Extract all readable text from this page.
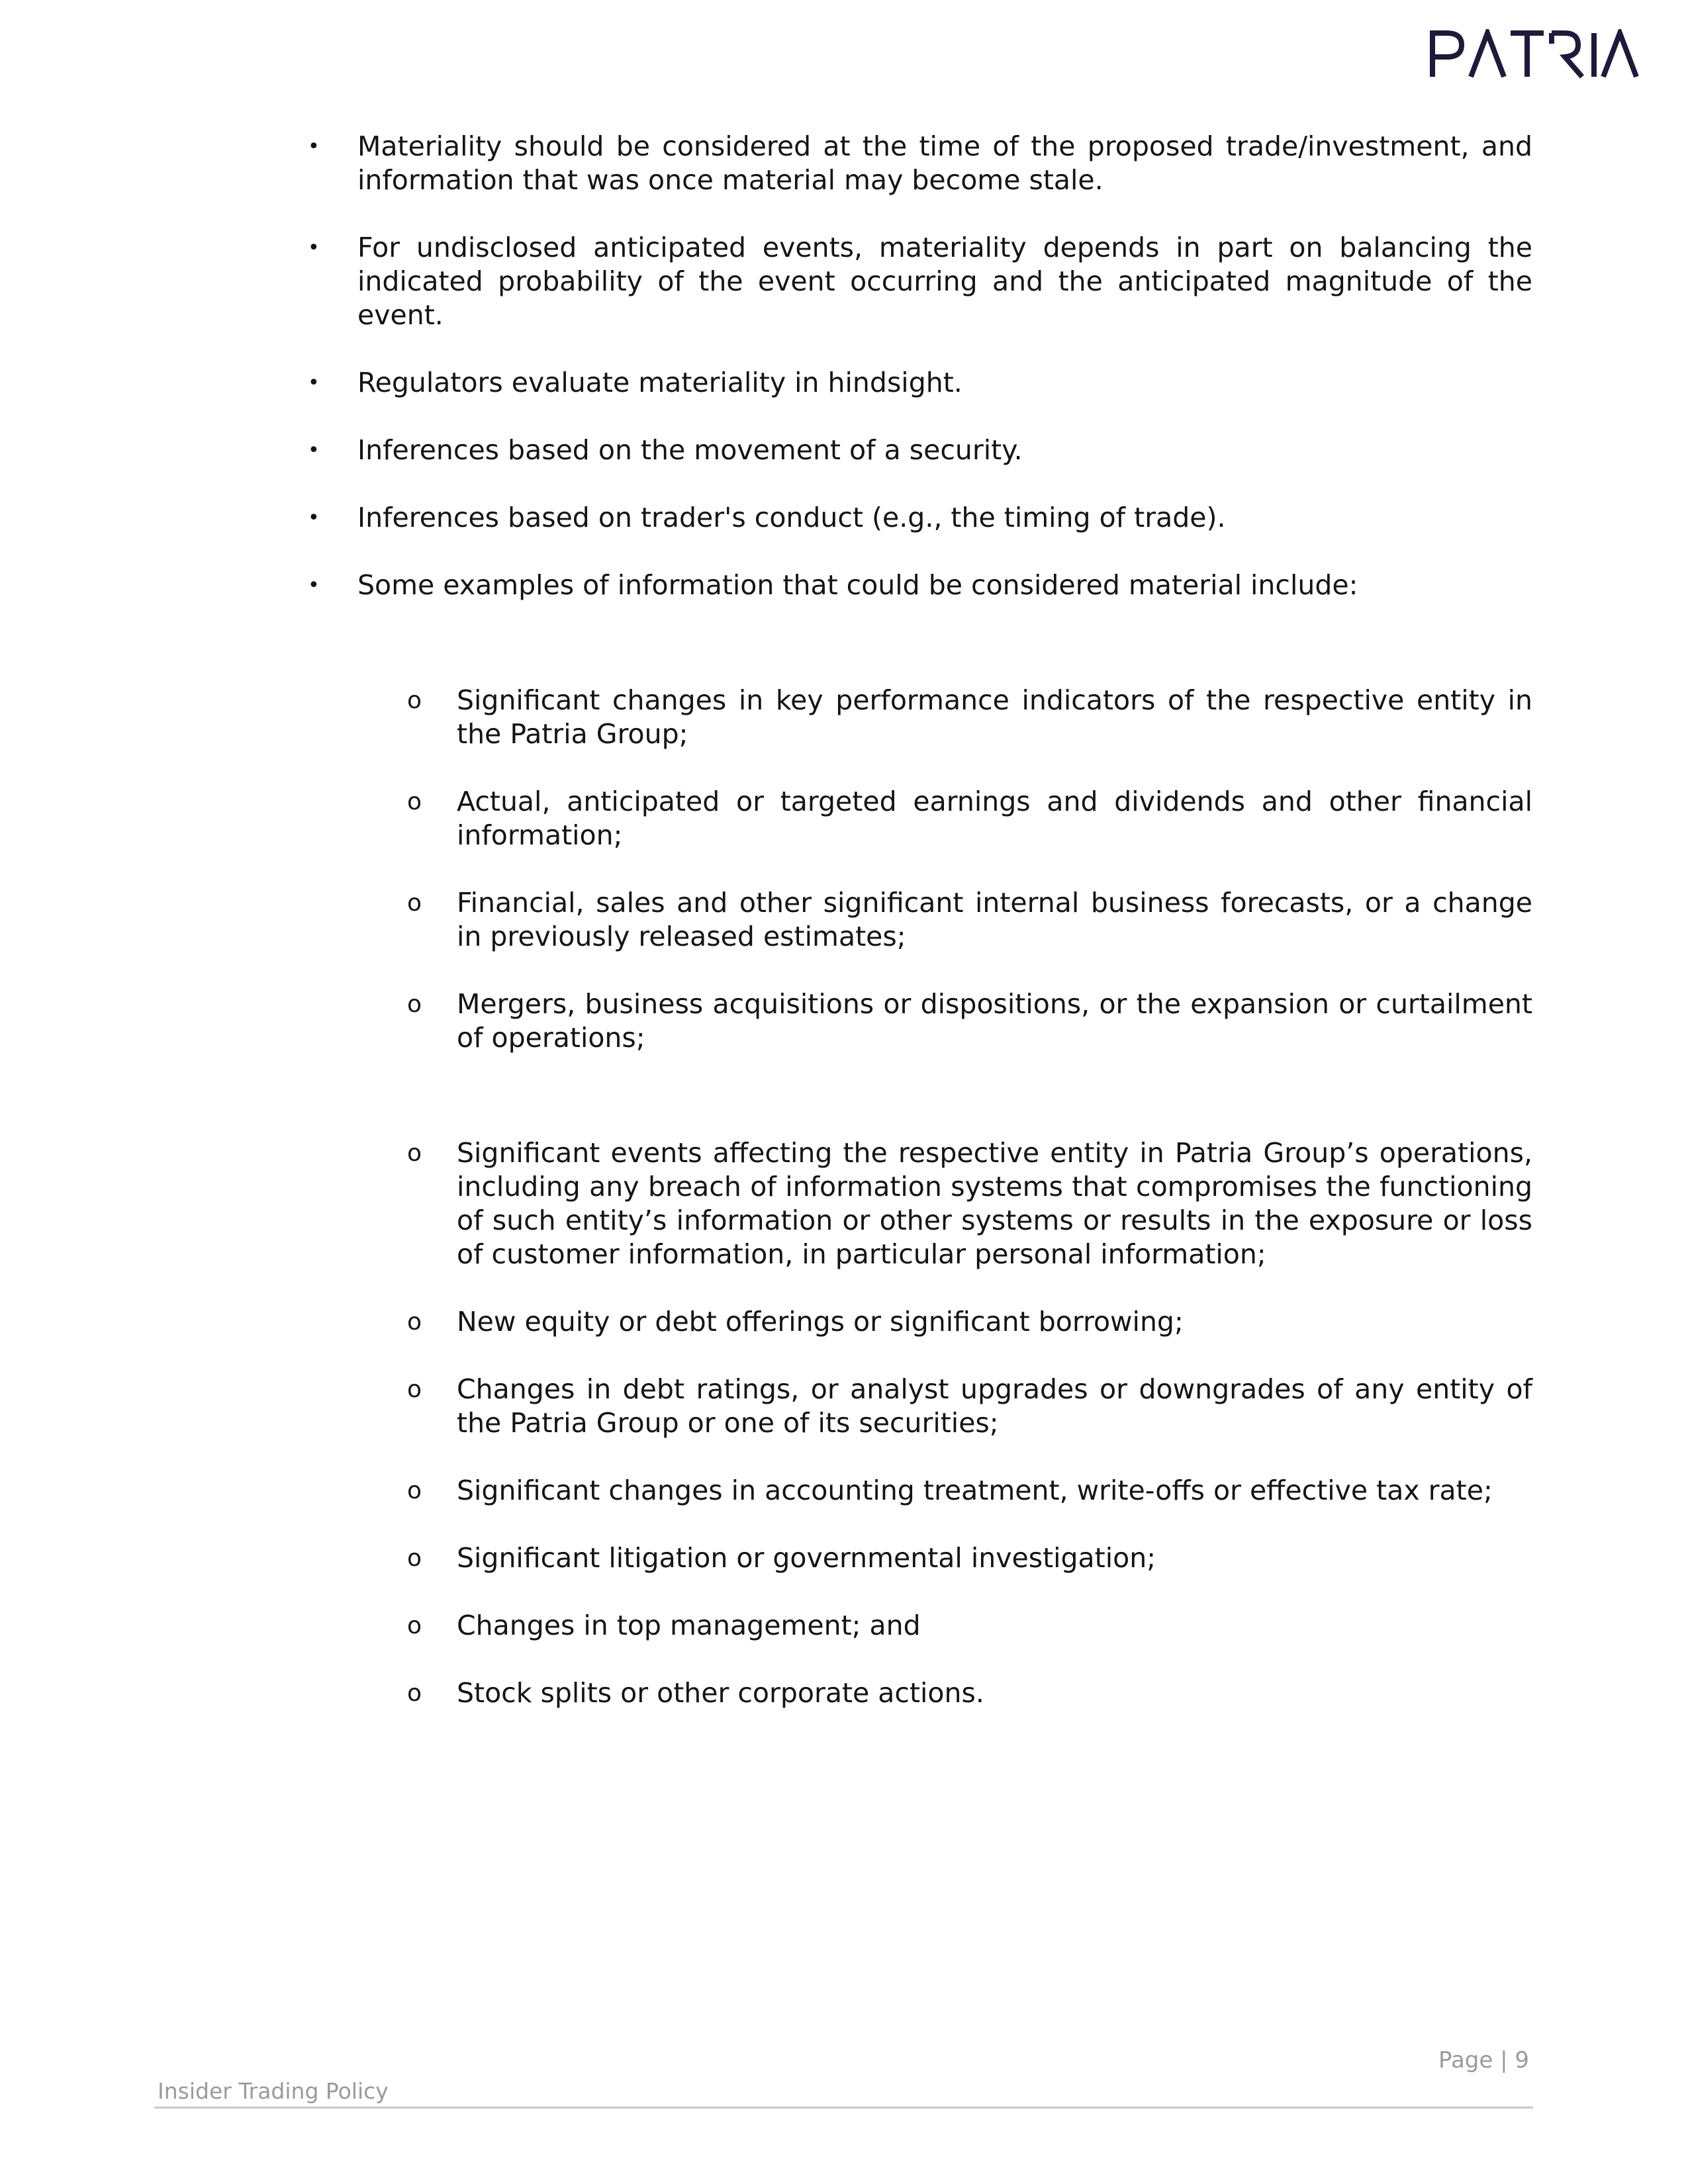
• Materiality should be considered at the time of the proposed trade/investment, and information that was once material may become stale.
• For undisclosed anticipated events, materiality depends in part on balancing the indicated probability of the event occurring and the anticipated magnitude of the event.
• Regulators evaluate materiality in hindsight.
• Inferences based on the movement of a security.
• Inferences based on trader's conduct (e.g., the timing of trade).
• Some examples of information that could be considered material include:
o Significant changes in key performance indicators of the respective entity in the Patria Group;
o Actual, anticipated or targeted earnings and dividends and other financial information;
o Financial, sales and other significant internal business forecasts, or a change in previously released estimates;
o Mergers, business acquisitions or dispositions, or the expansion or curtailment of operations;
o Significant events affecting the respective entity in Patria Group’s operations, including any breach of information systems that compromises the functioning of such entity’s information or other systems or results in the exposure or loss of customer information, in particular personal information;
o New equity or debt offerings or significant borrowing;
o Changes in debt ratings, or analyst upgrades or downgrades of any entity of the Patria Group or one of its securities;
o Significant changes in accounting treatment, write-offs or effective tax rate;
o Significant litigation or governmental investigation;
o Changes in top management; and
o Stock splits or other corporate actions.
Page | 9
Insider Trading Policy
